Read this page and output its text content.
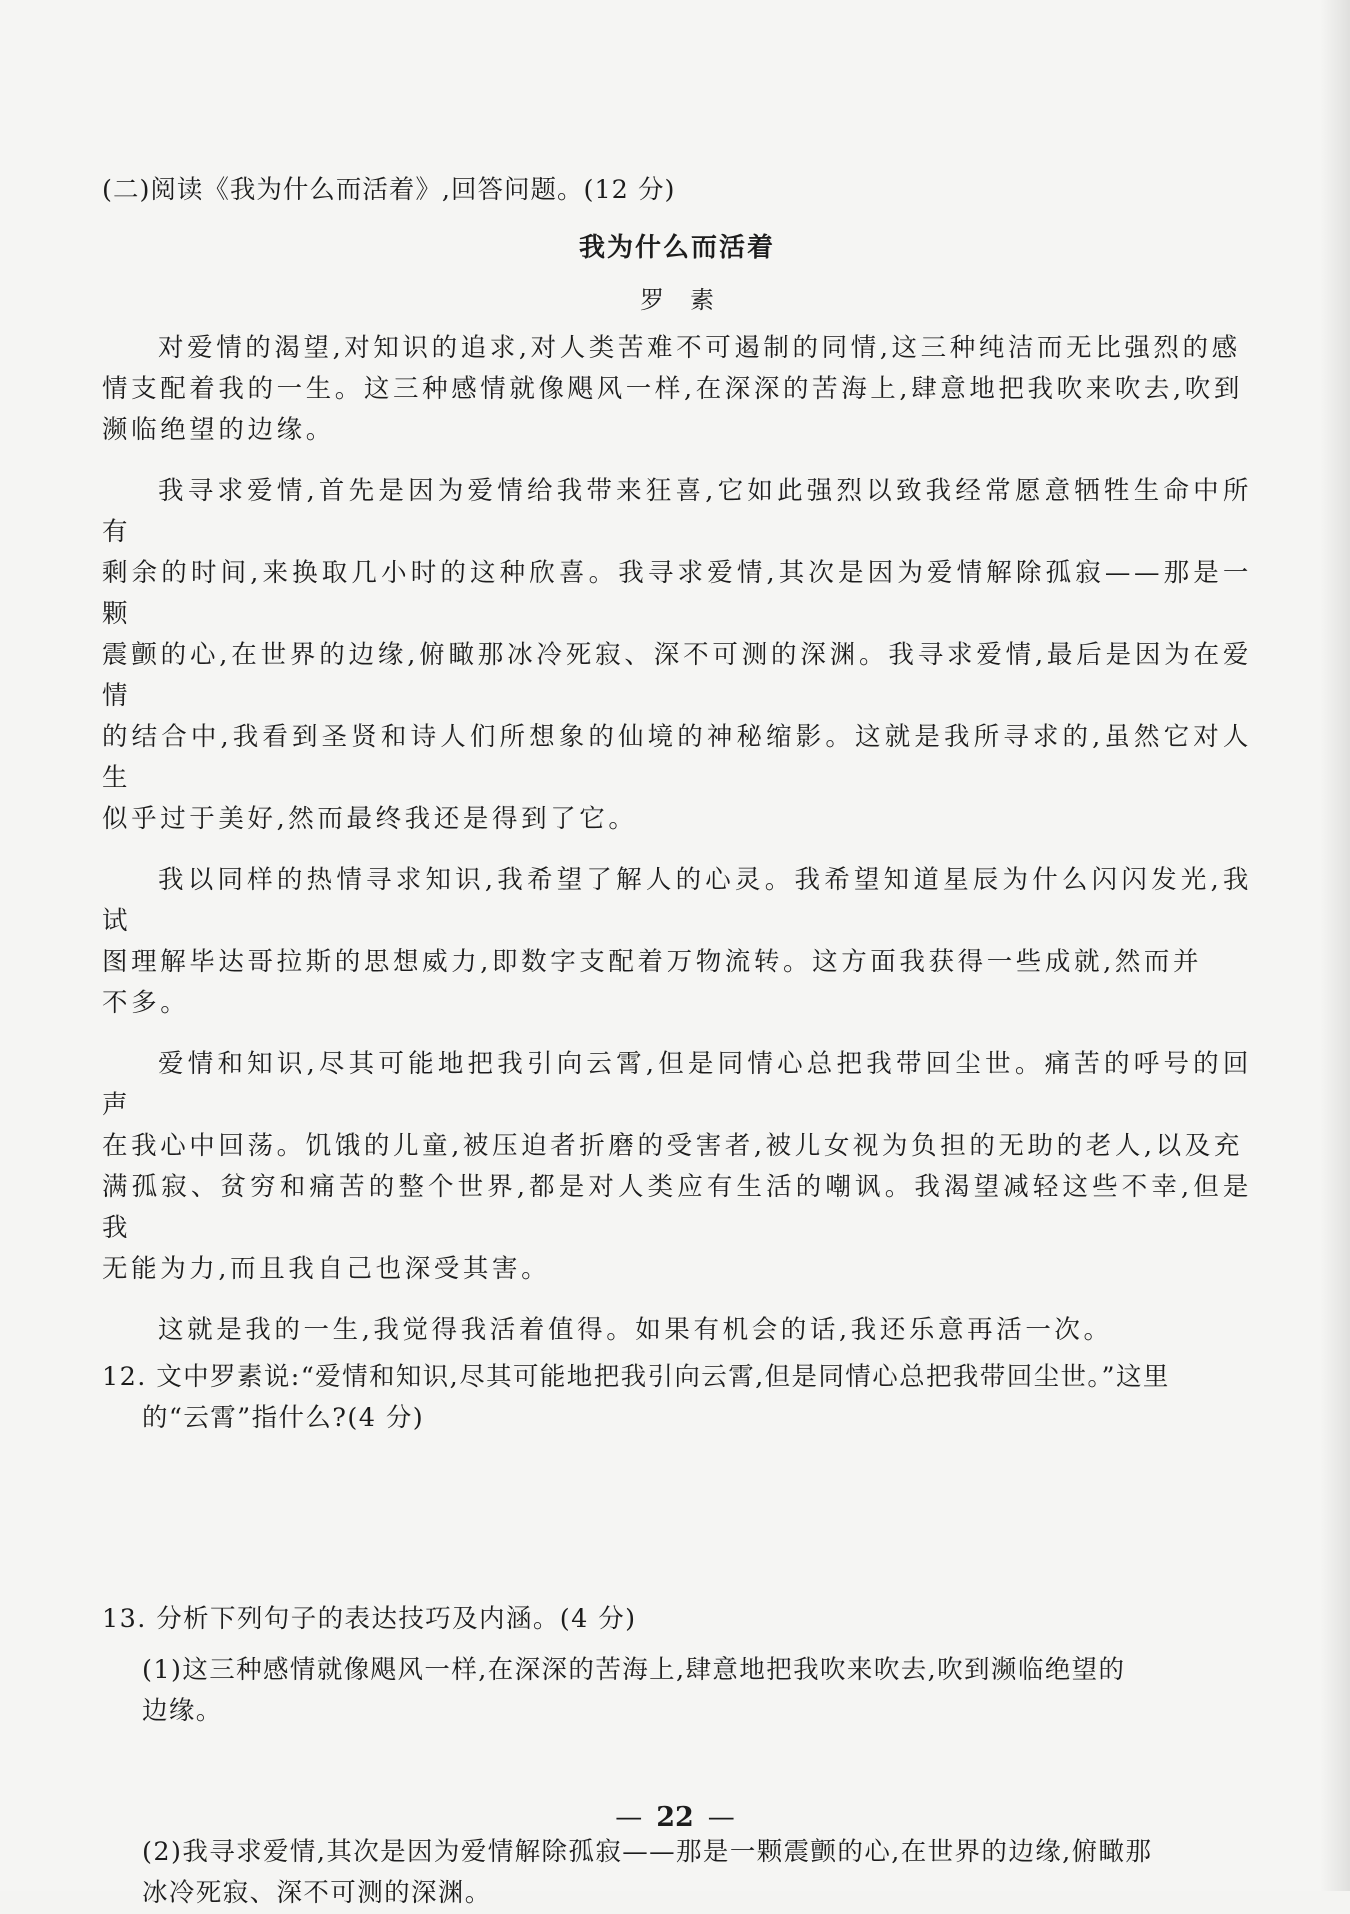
(二)阅读《我为什么而活着》,回答问题。(12 分)
我为什么而活着
罗素

对爱情的渴望,对知识的追求,对人类苦难不可遏制的同情,这三种纯洁而无比强烈的感

情支配着我的一生。这三种感情就像飓风一样,在深深的苦海上,肆意地把我吹来吹去,吹到

濒临绝望的边缘。

我寻求爱情,首先是因为爱情给我带来狂喜,它如此强烈以致我经常愿意牺牲生命中所有

剩余的时间,来换取几小时的这种欣喜。我寻求爱情,其次是因为爱情解除孤寂——那是一颗

震颤的心,在世界的边缘,俯瞰那冰冷死寂、深不可测的深渊。我寻求爱情,最后是因为在爱情

的结合中,我看到圣贤和诗人们所想象的仙境的神秘缩影。这就是我所寻求的,虽然它对人生

似乎过于美好,然而最终我还是得到了它。

我以同样的热情寻求知识,我希望了解人的心灵。我希望知道星辰为什么闪闪发光,我试

图理解毕达哥拉斯的思想威力,即数字支配着万物流转。这方面我获得一些成就,然而并

不多。

爱情和知识,尽其可能地把我引向云霄,但是同情心总把我带回尘世。痛苦的呼号的回声

在我心中回荡。饥饿的儿童,被压迫者折磨的受害者,被儿女视为负担的无助的老人,以及充

满孤寂、贫穷和痛苦的整个世界,都是对人类应有生活的嘲讽。我渴望减轻这些不幸,但是我

无能为力,而且我自己也深受其害。

这就是我的一生,我觉得我活着值得。如果有机会的话,我还乐意再活一次。

12. 文中罗素说:“爱情和知识,尽其可能地把我引向云霄,但是同情心总把我带回尘世。”这里
的“云霄”指什么?(4 分)
13. 分析下列句子的表达技巧及内涵。(4 分)
(1)这三种感情就像飓风一样,在深深的苦海上,肆意地把我吹来吹去,吹到濒临绝望的
边缘。
(2)我寻求爱情,其次是因为爱情解除孤寂——那是一颗震颤的心,在世界的边缘,俯瞰那
冰冷死寂、深不可测的深渊。
— 22 —
